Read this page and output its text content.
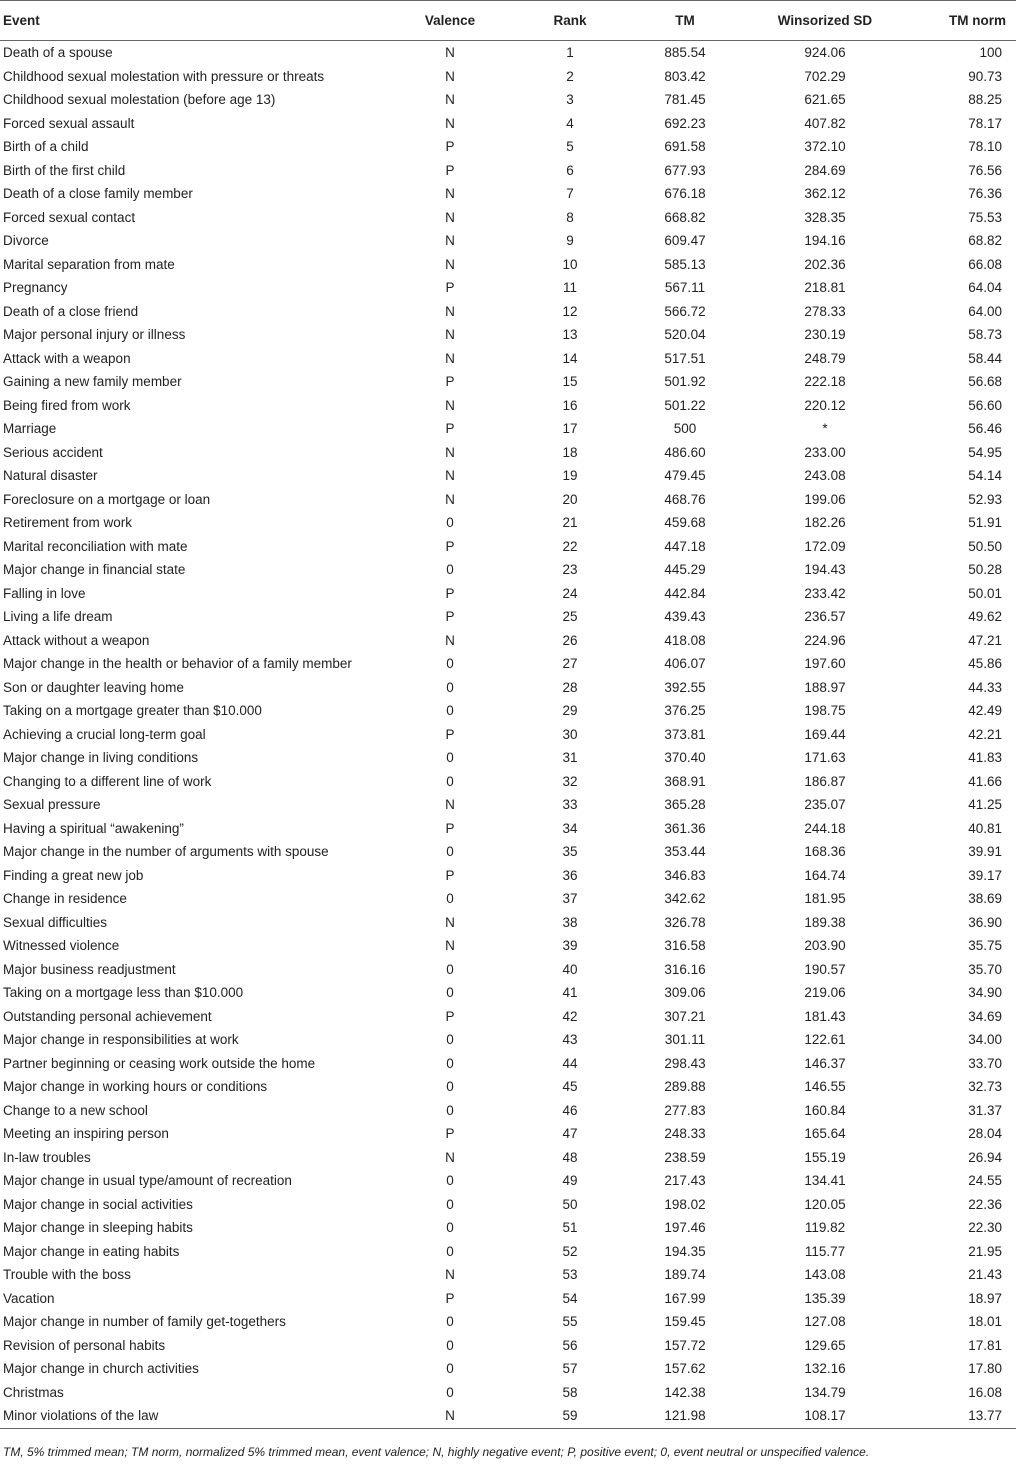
Event	Valence	Rank	TM	Winsorized SD	TM norm
Death of a spouse	N	1	885.54	924.06	100
Childhood sexual molestation with pressure or threats	N	2	803.42	702.29	90.73
Childhood sexual molestation (before age 13)	N	3	781.45	621.65	88.25
Forced sexual assault	N	4	692.23	407.82	78.17
Birth of a child	P	5	691.58	372.10	78.10
Birth of the first child	P	6	677.93	284.69	76.56
Death of a close family member	N	7	676.18	362.12	76.36
Forced sexual contact	N	8	668.82	328.35	75.53
Divorce	N	9	609.47	194.16	68.82
Marital separation from mate	N	10	585.13	202.36	66.08
Pregnancy	P	11	567.11	218.81	64.04
Death of a close friend	N	12	566.72	278.33	64.00
Major personal injury or illness	N	13	520.04	230.19	58.73
Attack with a weapon	N	14	517.51	248.79	58.44
Gaining a new family member	P	15	501.92	222.18	56.68
Being fired from work	N	16	501.22	220.12	56.60
Marriage	P	17	500	*	56.46
Serious accident	N	18	486.60	233.00	54.95
Natural disaster	N	19	479.45	243.08	54.14
Foreclosure on a mortgage or loan	N	20	468.76	199.06	52.93
Retirement from work	0	21	459.68	182.26	51.91
Marital reconciliation with mate	P	22	447.18	172.09	50.50
Major change in financial state	0	23	445.29	194.43	50.28
Falling in love	P	24	442.84	233.42	50.01
Living a life dream	P	25	439.43	236.57	49.62
Attack without a weapon	N	26	418.08	224.96	47.21
Major change in the health or behavior of a family member	0	27	406.07	197.60	45.86
Son or daughter leaving home	0	28	392.55	188.97	44.33
Taking on a mortgage greater than $10.000	0	29	376.25	198.75	42.49
Achieving a crucial long-term goal	P	30	373.81	169.44	42.21
Major change in living conditions	0	31	370.40	171.63	41.83
Changing to a different line of work	0	32	368.91	186.87	41.66
Sexual pressure	N	33	365.28	235.07	41.25
Having a spiritual “awakening”	P	34	361.36	244.18	40.81
Major change in the number of arguments with spouse	0	35	353.44	168.36	39.91
Finding a great new job	P	36	346.83	164.74	39.17
Change in residence	0	37	342.62	181.95	38.69
Sexual difficulties	N	38	326.78	189.38	36.90
Witnessed violence	N	39	316.58	203.90	35.75
Major business readjustment	0	40	316.16	190.57	35.70
Taking on a mortgage less than $10.000	0	41	309.06	219.06	34.90
Outstanding personal achievement	P	42	307.21	181.43	34.69
Major change in responsibilities at work	0	43	301.11	122.61	34.00
Partner beginning or ceasing work outside the home	0	44	298.43	146.37	33.70
Major change in working hours or conditions	0	45	289.88	146.55	32.73
Change to a new school	0	46	277.83	160.84	31.37
Meeting an inspiring person	P	47	248.33	165.64	28.04
In-law troubles	N	48	238.59	155.19	26.94
Major change in usual type/amount of recreation	0	49	217.43	134.41	24.55
Major change in social activities	0	50	198.02	120.05	22.36
Major change in sleeping habits	0	51	197.46	119.82	22.30
Major change in eating habits	0	52	194.35	115.77	21.95
Trouble with the boss	N	53	189.74	143.08	21.43
Vacation	P	54	167.99	135.39	18.97
Major change in number of family get-togethers	0	55	159.45	127.08	18.01
Revision of personal habits	0	56	157.72	129.65	17.81
Major change in church activities	0	57	157.62	132.16	17.80
Christmas	0	58	142.38	134.79	16.08
Minor violations of the law	N	59	121.98	108.17	13.77
TM, 5% trimmed mean; TM norm, normalized 5% trimmed mean, event valence; N, highly negative event; P, positive event; 0, event neutral or unspecified valence.
